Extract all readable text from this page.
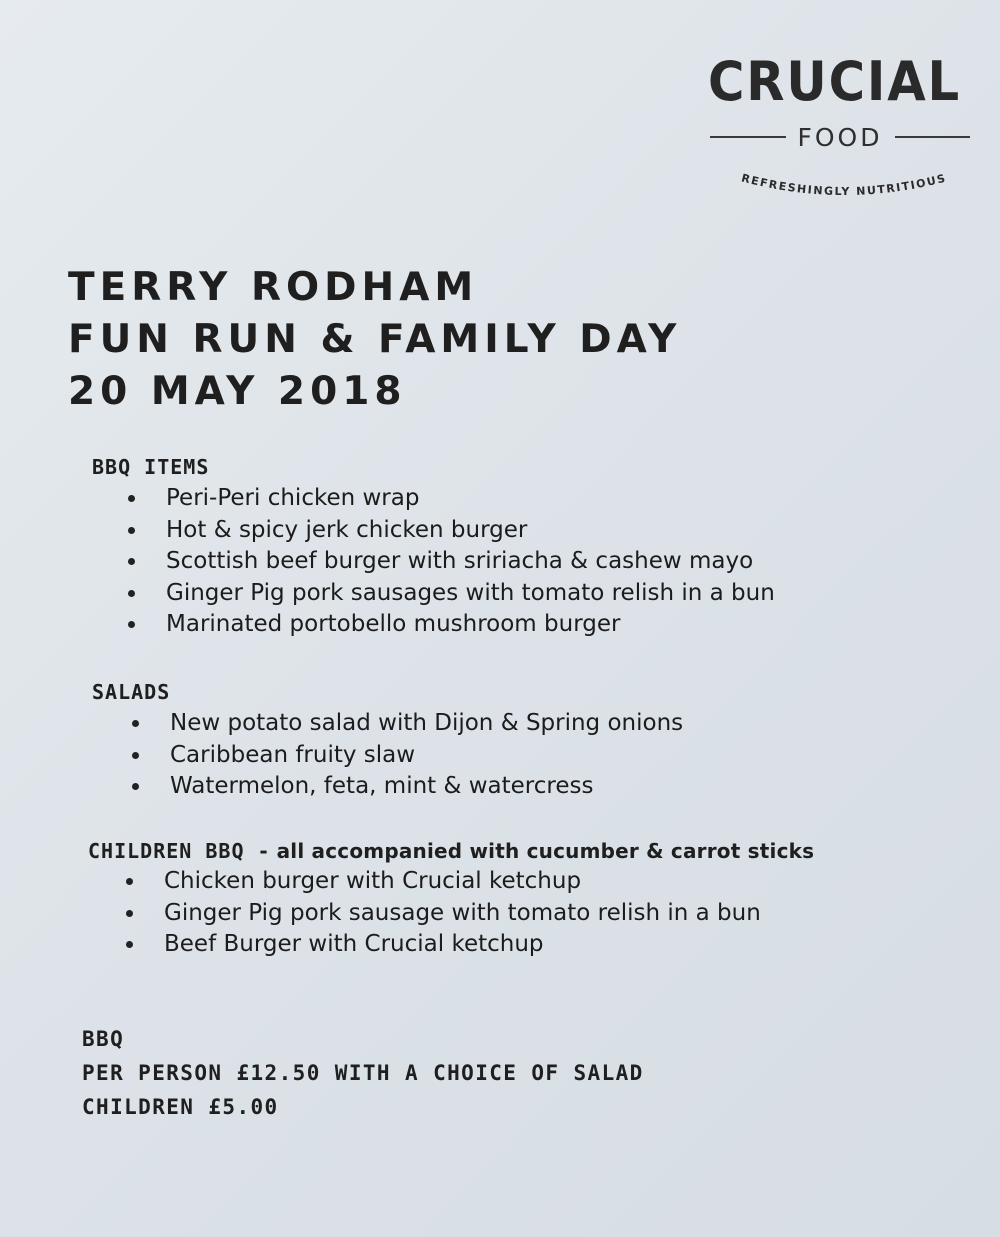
CRUCIAL
FOOD
REFRESHINGLY NUTRITIOUS
TERRY RODHAM
FUN RUN & FAMILY DAY
20 MAY 2018
BBQ ITEMS
Peri-Peri chicken wrap
Hot & spicy jerk chicken burger
Scottish beef burger with sririacha & cashew mayo
Ginger Pig pork sausages with tomato relish in a bun
Marinated portobello mushroom burger
SALADS
New potato salad with Dijon & Spring onions
Caribbean fruity slaw
Watermelon, feta, mint & watercress
CHILDREN BBQ - all accompanied with cucumber & carrot sticks
Chicken burger with Crucial ketchup
Ginger Pig pork sausage with tomato relish in a bun
Beef Burger with Crucial ketchup
BBQ
PER PERSON £12.50 WITH A CHOICE OF SALAD
CHILDREN £5.00
